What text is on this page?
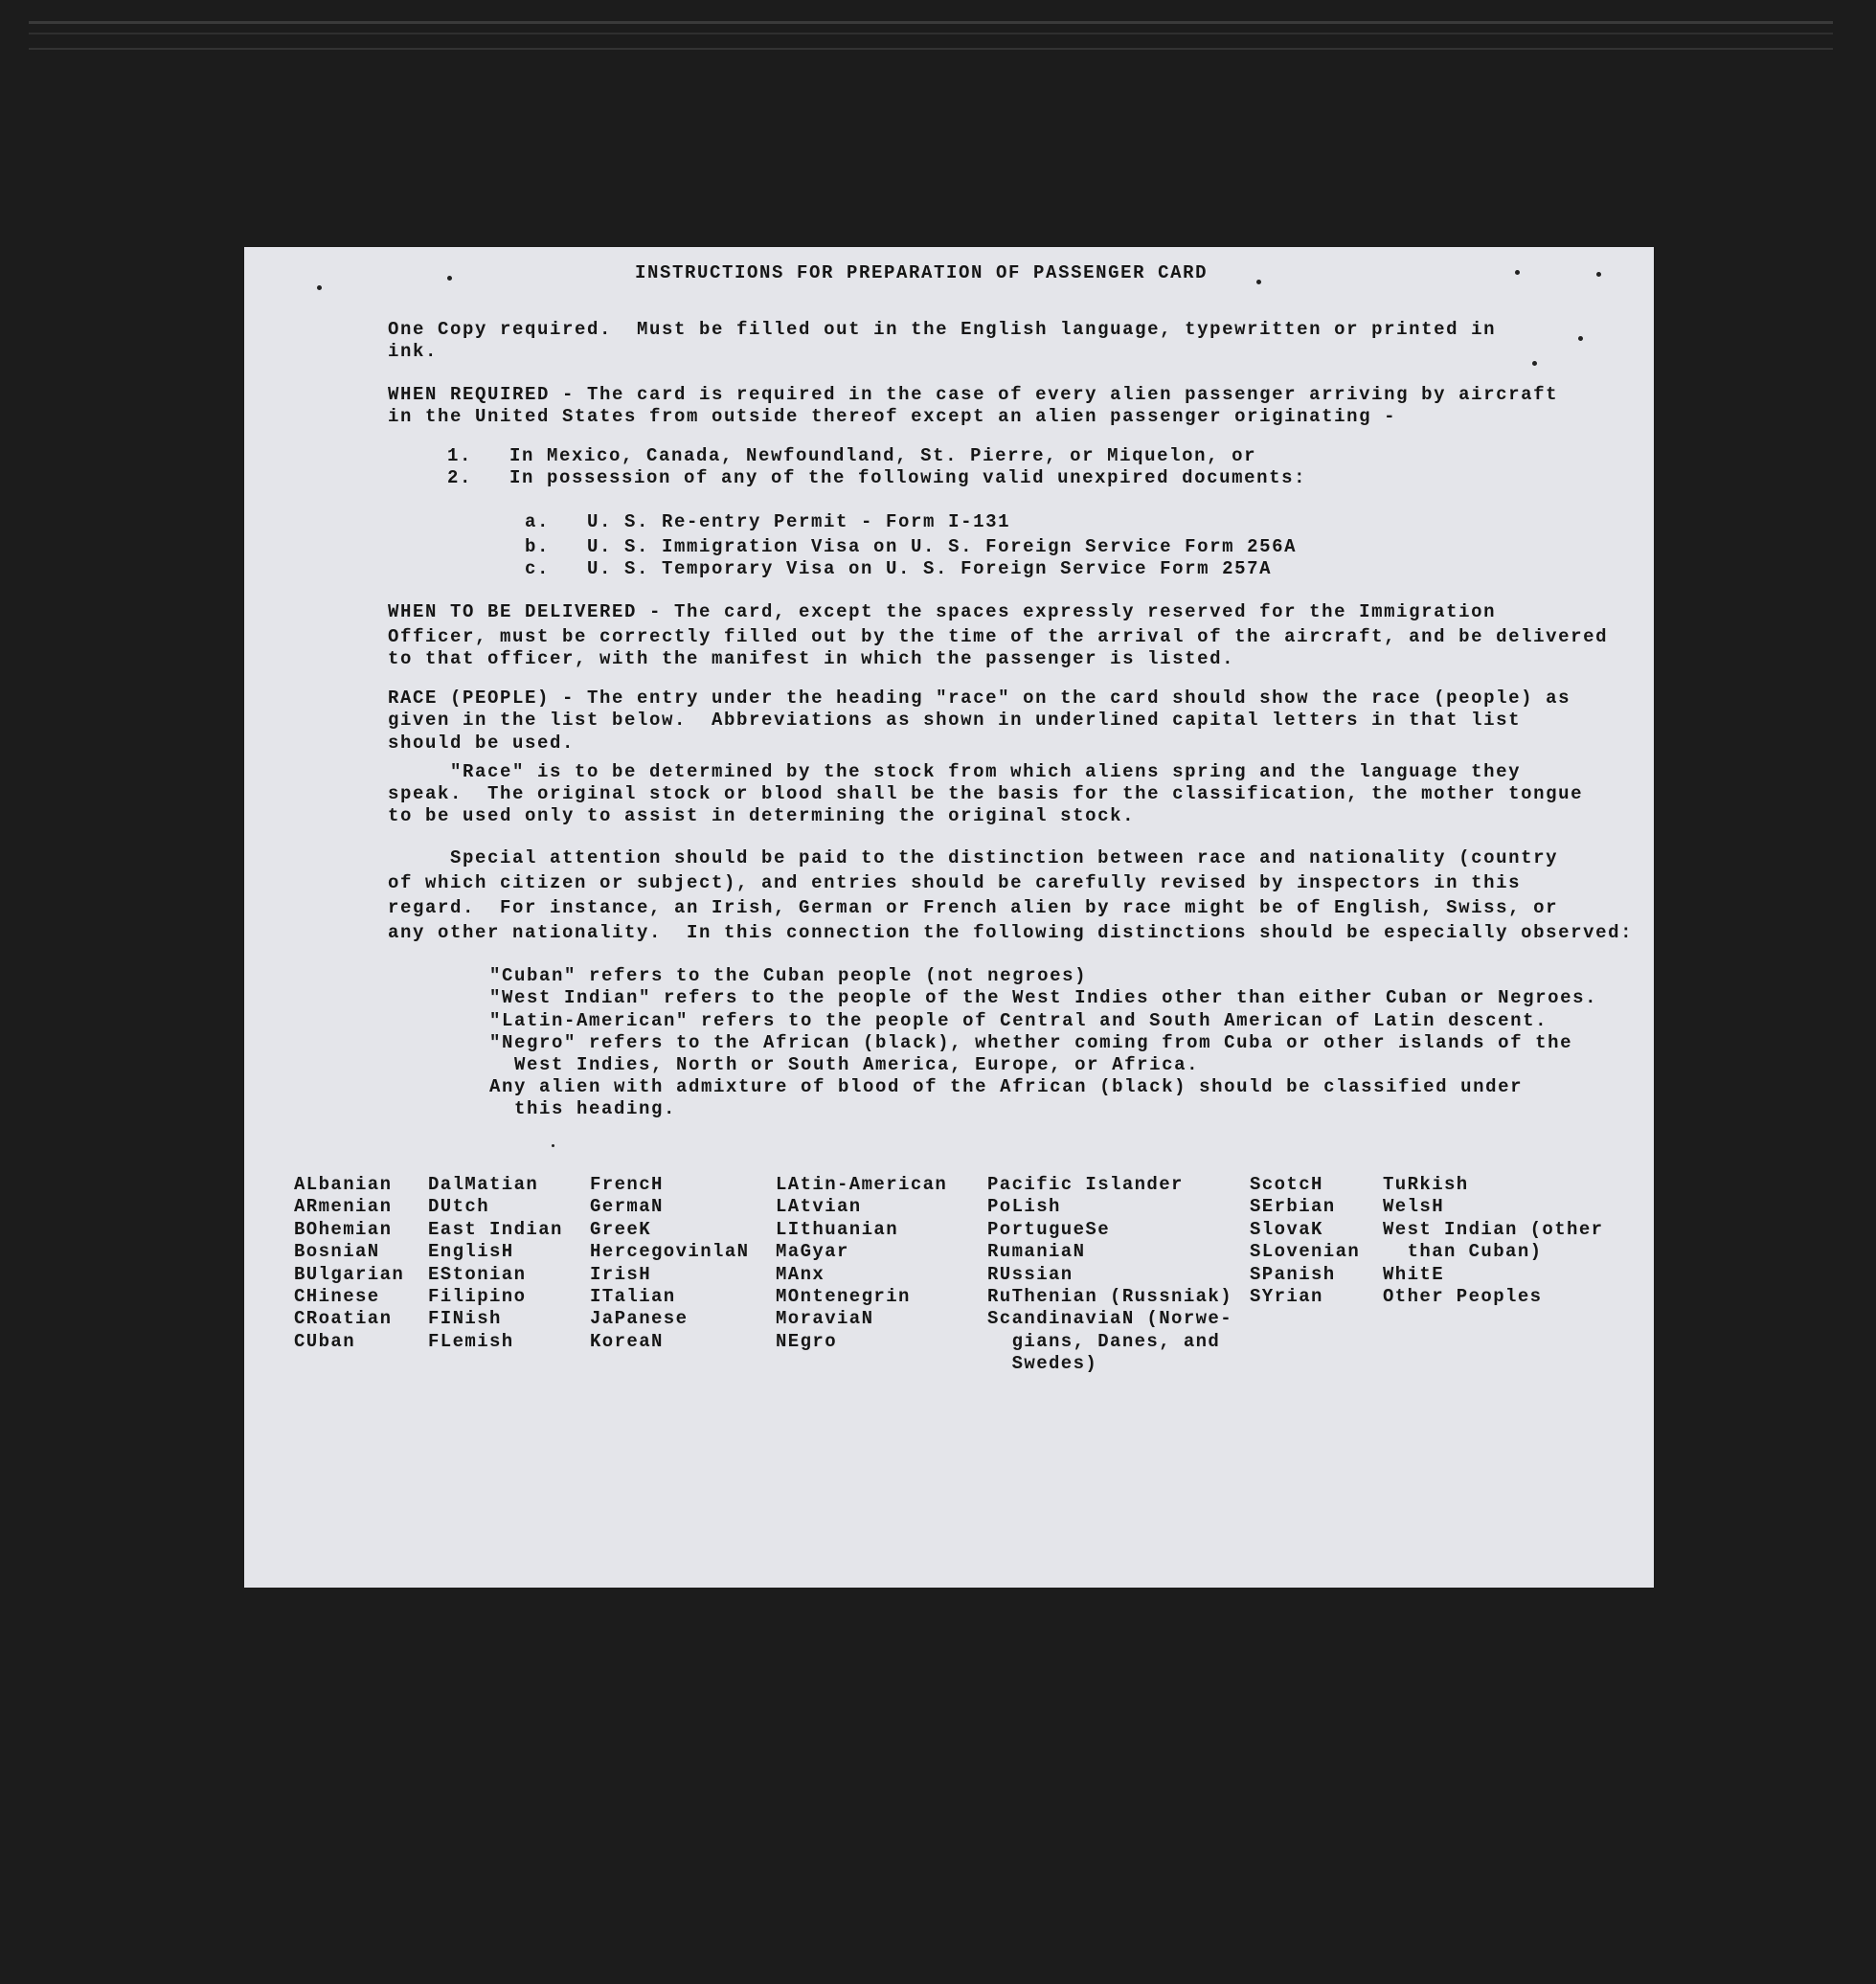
INSTRUCTIONS FOR PREPARATION OF PASSENGER CARD
One Copy required.  Must be filled out in the English language, typewritten or printed in
ink.
WHEN REQUIRED - The card is required in the case of every alien passenger arriving by aircraft
in the United States from outside thereof except an alien passenger originating -
1.   In Mexico, Canada, Newfoundland, St. Pierre, or Miquelon, or
2.   In possession of any of the following valid unexpired documents:
a.   U. S. Re-entry Permit - Form I-131
b.   U. S. Immigration Visa on U. S. Foreign Service Form 256A
c.   U. S. Temporary Visa on U. S. Foreign Service Form 257A
WHEN TO BE DELIVERED - The card, except the spaces expressly reserved for the Immigration
Officer, must be correctly filled out by the time of the arrival of the aircraft, and be delivered
to that officer, with the manifest in which the passenger is listed.
RACE (PEOPLE) - The entry under the heading "race" on the card should show the race (people) as
given in the list below.  Abbreviations as shown in underlined capital letters in that list
should be used.
"Race" is to be determined by the stock from which aliens spring and the language they
speak.  The original stock or blood shall be the basis for the classification, the mother tongue
to be used only to assist in determining the original stock.
Special attention should be paid to the distinction between race and nationality (country
of which citizen or subject), and entries should be carefully revised by inspectors in this
regard.  For instance, an Irish, German or French alien by race might be of English, Swiss, or
any other nationality.  In this connection the following distinctions should be especially observed:
"Cuban" refers to the Cuban people (not negroes)
"West Indian" refers to the people of the West Indies other than either Cuban or Negroes.
"Latin-American" refers to the people of Central and South American of Latin descent.
"Negro" refers to the African (black), whether coming from Cuba or other islands of the
West Indies, North or South America, Europe, or Africa.
Any alien with admixture of blood of the African (black) should be classified under
this heading.
ALbanian
ARmenian
BOhemian
BosniaN
BUlgarian
CHinese
CRoatian
CUban
DalMatian
DUtch
East Indian
EnglisH
EStonian
Filipino
FINish
FLemish
FrencH
GermaN
GreeK
HercegovinlaN
IrisH
ITalian
JaPanese
KoreaN
LAtin-American
LAtvian
LIthuanian
MaGyar
MAnx
MOntenegrin
MoraviaN
NEgro
Pacific Islander
PoLish
PortugueSe
RumaniaN
RUssian
RuThenian (Russniak)
ScandinaviaN (Norwe-
gians, Danes, and
Swedes)
ScotcH
SErbian
SlovaK
SLovenian
SPanish
SYrian
TuRkish
WelsH
West Indian (other
than Cuban)
WhitE
Other Peoples
